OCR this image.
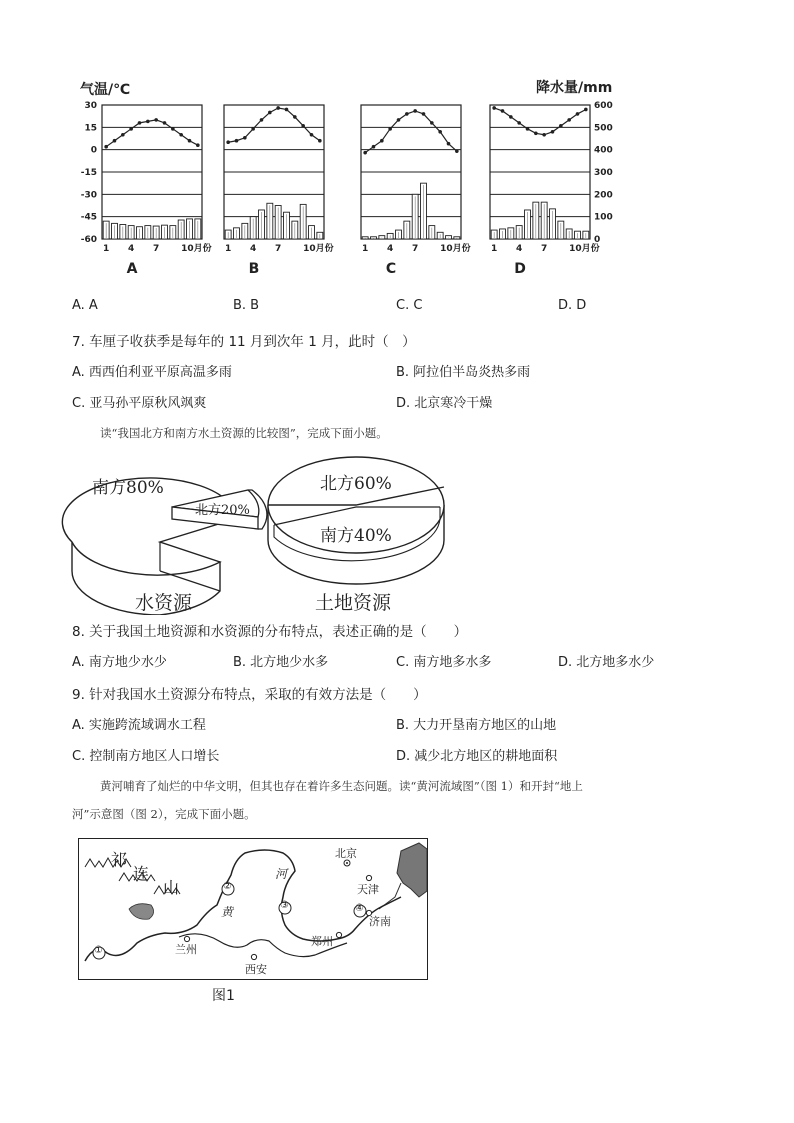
气温/℃	降水量/mm
30
15
0
-15
-30
-45
-60
600
500
400
300
200
100
0
1 4 7 10月份
A
1 4 7 10月份
B
1 4 7 10月份
C
1 4 7 10月份
D
A. A	B. B	C. C	D. D
7. 车厘子收获季是每年的 11 月到次年 1 月，此时（　）
A. 西西伯利亚平原高温多雨	B. 阿拉伯半岛炎热多雨
C. 亚马孙平原秋风飒爽	D. 北京寒冷干燥
读“我国北方和南方水土资源的比较图”，完成下面小题。
南方80%
北方20%
北方60%
南方40%
水资源	土地资源
8. 关于我国土地资源和水资源的分布特点，表述正确的是（　　）
A. 南方地少水少	B. 北方地少水多	C. 南方地多水多	D. 北方地多水少
9. 针对我国水土资源分布特点，采取的有效方法是（　　）
A. 实施跨流域调水工程	B. 大力开垦南方地区的山地
C. 控制南方地区人口增长	D. 减少北方地区的耕地面积
黄河哺育了灿烂的中华文明，但其也存在着许多生态问题。读“黄河流域图”（图 1）和开封“地上
河”示意图（图 2），完成下面小题。
祁
连
山
黄
河
①
②
③	④
北京
天津
济南
郑州
西安
兰州
图1
